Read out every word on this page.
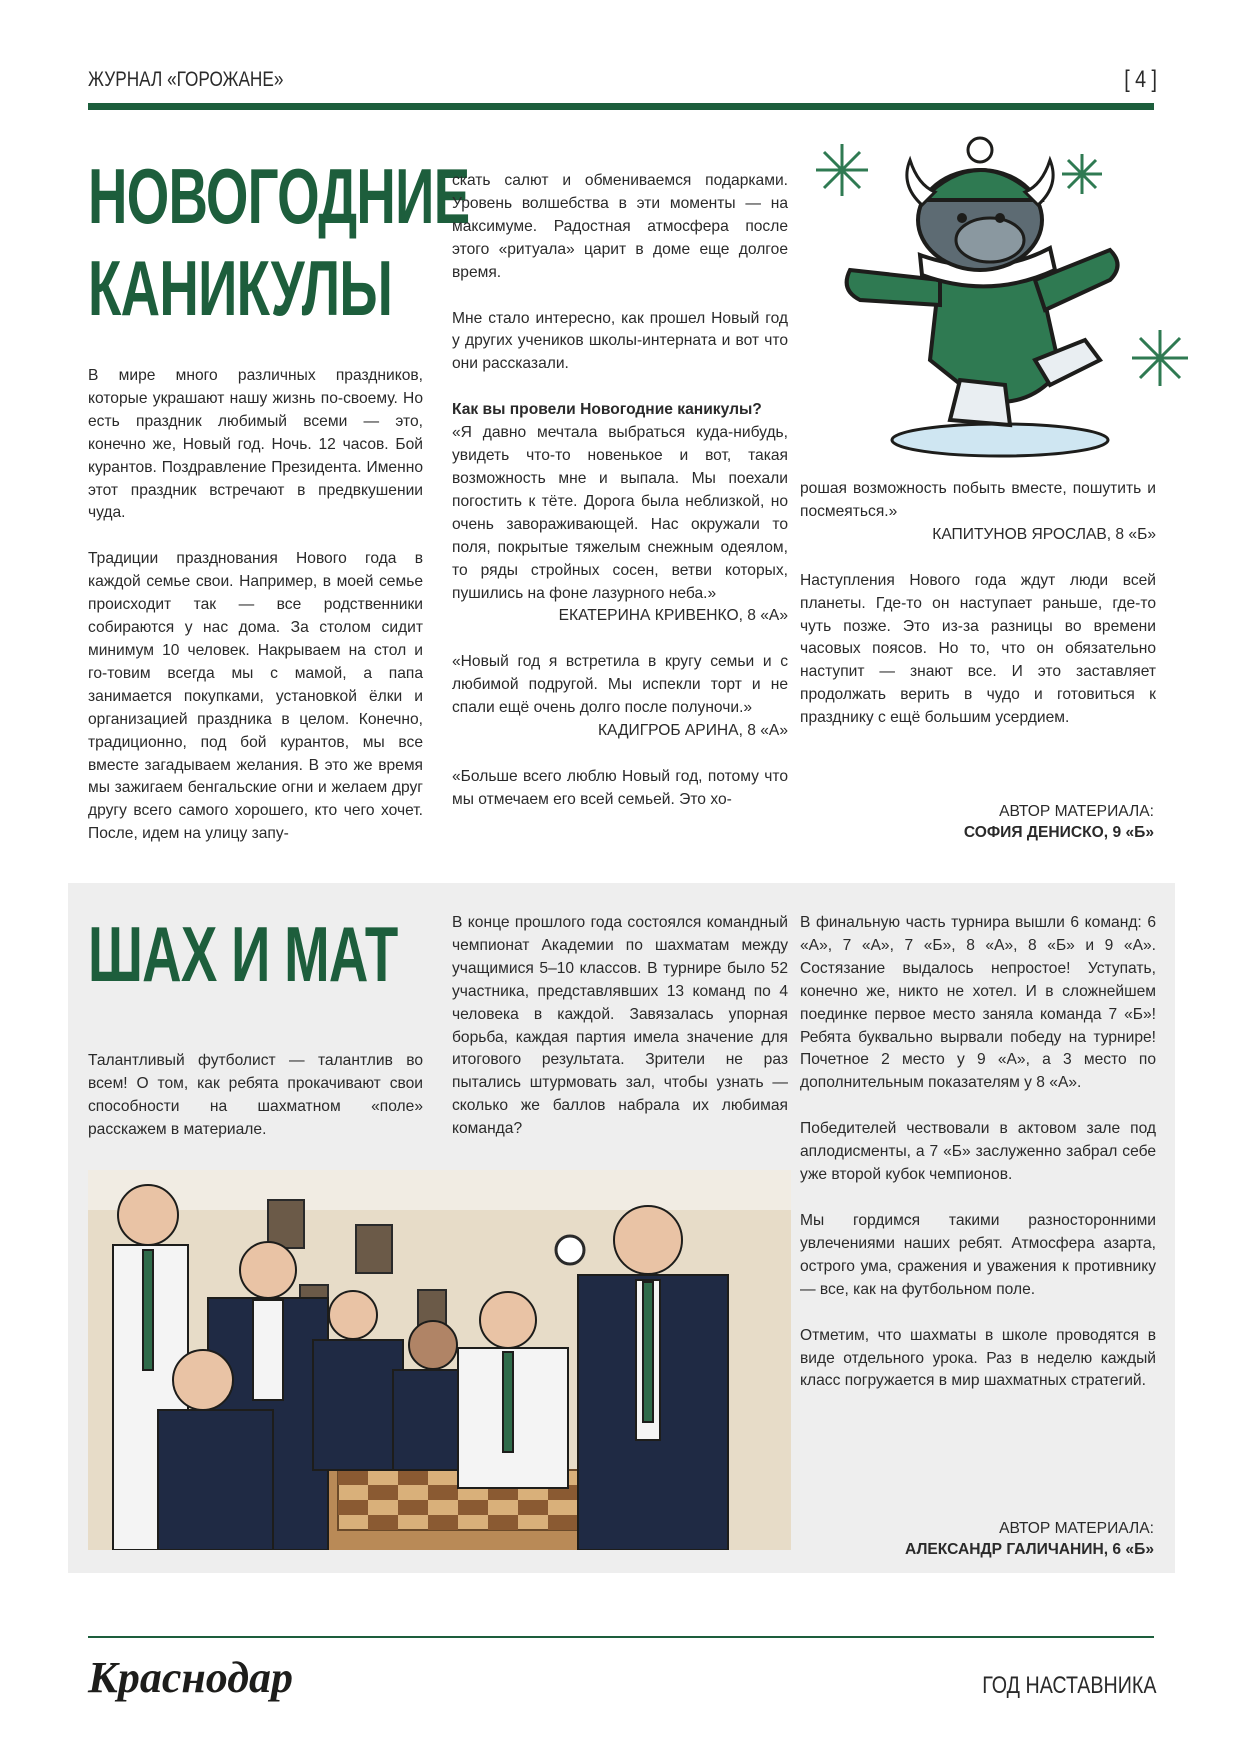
ЖУРНАЛ «ГОРОЖАНЕ»	[ 4 ]
НОВОГОДНИЕ
КАНИКУЛЫ

В мире много различных праздников, которые украшают нашу жизнь по-своему. Но есть праздник любимый всеми — это, конечно же, Новый год. Ночь. 12 часов. Бой курантов. Поздравление Президента. Именно этот праздник встречают в предвкушении чуда.

Традиции празднования Нового года в каждой семье свои. Например, в моей семье происходит так — все родственники собираются у нас дома. За столом сидит минимум 10 человек. Накрываем на стол и го-товим всегда мы с мамой, а папа занимается покупками, установкой ёлки и организацией праздника в целом. Конечно, традиционно, под бой курантов, мы все вместе загадываем желания. В это же время мы зажигаем бенгальские огни и желаем друг другу всего самого хорошего, кто чего хочет. После, идем на улицу запу-

скать салют и обмениваемся подарками. Уровень волшебства в эти моменты — на максимуме. Радостная атмосфера после этого «ритуала» царит в доме еще долгое время.

Мне стало интересно, как прошел Новый год у других учеников школы-интерната и вот что они рассказали.

Как вы провели Новогодние каникулы?

«Я давно мечтала выбраться куда-нибудь, увидеть что-то новенькое и вот, такая возможность мне и выпала. Мы поехали погостить к тёте. Дорога была неблизкой, но очень завораживающей. Нас окружали то поля, покрытые тяжелым снежным одеялом, то ряды стройных сосен, ветви которых, пушились на фоне лазурного неба.»

ЕКАТЕРИНА КРИВЕНКО, 8 «А»

«Новый год я встретила в кругу семьи и с любимой подругой. Мы испекли торт и не спали ещё очень долго после полуночи.»

КАДИГРОБ АРИНА, 8 «А»

«Больше всего люблю Новый год, потому что мы отмечаем его всей семьей. Это хо-

рошая возможность побыть вместе, пошутить и посмеяться.»

КАПИТУНОВ ЯРОСЛАВ, 8 «Б»

Наступления Нового года ждут люди всей планеты. Где-то он наступает раньше, где-то чуть позже. Это из-за разницы во времени часовых поясов. Но то, что он обязательно наступит — знают все. И это заставляет продолжать верить в чудо и готовиться к празднику с ещё большим усердием.

АВТОР МАТЕРИАЛА:
СОФИЯ ДЕНИСКО, 9 «Б»
ШАХ И МАТ

Талантливый футболист — талантлив во всем! О том, как ребята прокачивают свои способности на шахматном «поле» расскажем в материале.

В конце прошлого года состоялся командный чемпионат Академии по шахматам между учащимися 5–10 классов. В турнире было 52 участника, представлявших 13 команд по 4 человека в каждой. Завязалась упорная борьба, каждая партия имела значение для итогового результата. Зрители не раз пытались штурмовать зал, чтобы узнать — сколько же баллов набрала их любимая команда?

В финальную часть турнира вышли 6 команд: 6 «А», 7 «А», 7 «Б», 8 «А», 8 «Б» и 9 «А». Состязание выдалось непростое! Уступать, конечно же, никто не хотел. И в сложнейшем поединке первое место заняла команда 7 «Б»! Ребята буквально вырвали победу на турнире! Почетное 2 место у 9 «А», а 3 место по дополнительным показателям у 8 «А».

Победителей чествовали в актовом зале под аплодисменты, а 7 «Б» заслуженно забрал себе уже второй кубок чемпионов.

Мы гордимся такими разносторонними увлечениями наших ребят. Атмосфера азарта, острого ума, сражения и уважения к противнику — все, как на футбольном поле.

Отметим, что шахматы в школе проводятся в виде отдельного урока. Раз в неделю каждый класс погружается в мир шахматных стратегий.

АВТОР МАТЕРИАЛА:
АЛЕКСАНДР ГАЛИЧАНИН, 6 «Б»
Краснодар	ГОД НАСТАВНИКА
